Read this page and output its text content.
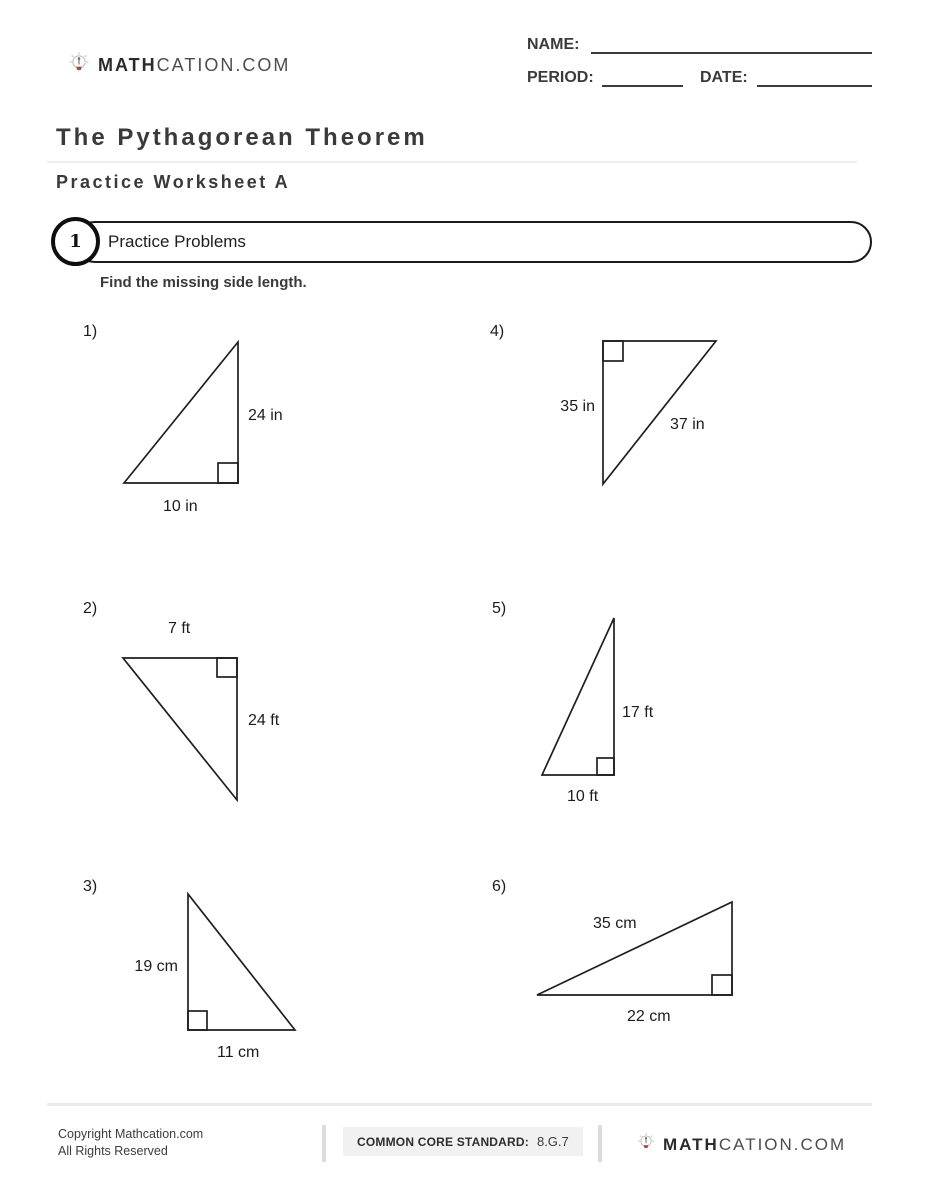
MATHCATION.COM
NAME:
PERIOD:	DATE:
The Pythagorean Theorem
Practice Worksheet A
1	Practice Problems
Find the missing side length.
1)
24 in
10 in
4)
35 in
37 in
2)
7 ft
24 ft
5)
17 ft
10 ft
3)
19 cm
11 cm
6)
35 cm
22 cm
Copyright Mathcation.com
All Rights Reserved
COMMON CORE STANDARD: 8.G.7	MATHCATION.COM
